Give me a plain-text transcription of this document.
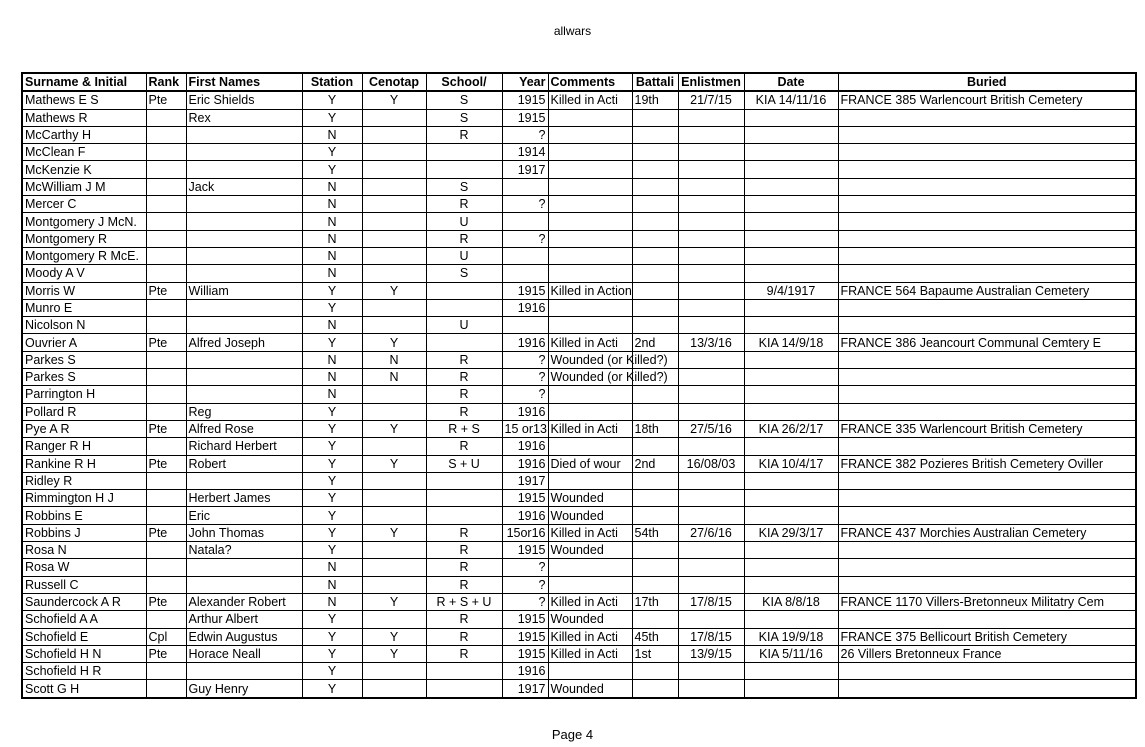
allwars
Surname & Initial	Rank	First Names	Station	Cenotap	School/	Year	Comments	Battali	Enlistmen	Date	Buried
Mathews E S	Pte	Eric Shields	Y	Y	S	1915	Killed in Acti	19th	21/7/15	KIA 14/11/16	FRANCE 385 Warlencourt British Cemetery
Mathews R		Rex	Y		S	1915					
McCarthy H			N		R	?					
McClean F			Y			1914					
McKenzie K			Y			1917					
McWilliam J M		Jack	N		S						
Mercer C			N		R	?					
Montgomery J McN.			N		U						
Montgomery R			N		R	?					
Montgomery R McE.			N		U						
Moody A V			N		S						
Morris W	Pte	William	Y	Y		1915	Killed in Action			9/4/1917	FRANCE 564 Bapaume Australian Cemetery
Munro E			Y			1916					
Nicolson N			N		U						
Ouvrier A	Pte	Alfred Joseph	Y	Y		1916	Killed in Acti	2nd	13/3/16	KIA 14/9/18	FRANCE 386 Jeancourt Communal Cemtery E
Parkes S			N	N	R	?	Wounded (or Killed?)				
Parkes S			N	N	R	?	Wounded (or Killed?)				
Parrington H			N		R	?					
Pollard R		Reg	Y		R	1916					
Pye A R	Pte	Alfred Rose	Y	Y	R + S	15 or13	Killed in Acti	18th	27/5/16	KIA 26/2/17	FRANCE 335 Warlencourt British Cemetery
Ranger R H		Richard Herbert	Y		R	1916					
Rankine R H	Pte	Robert	Y	Y	S + U	1916	Died of wour	2nd	16/08/03	KIA 10/4/17	FRANCE 382 Pozieres British Cemetery Oviller
Ridley R			Y			1917					
Rimmington H J		Herbert James	Y			1915	Wounded				
Robbins E		Eric	Y			1916	Wounded				
Robbins J	Pte	John Thomas	Y	Y	R	15or16	Killed in Acti	54th	27/6/16	KIA 29/3/17	FRANCE 437 Morchies Australian Cemetery
Rosa N		Natala?	Y		R	1915	Wounded				
Rosa W			N		R	?					
Russell C			N		R	?					
Saundercock A R	Pte	Alexander Robert	N	Y	R + S + U	?	Killed in Acti	17th	17/8/15	KIA 8/8/18	FRANCE 1170 Villers-Bretonneux Militatry Cem
Schofield A A		Arthur Albert	Y		R	1915	Wounded				
Schofield E	Cpl	Edwin Augustus	Y	Y	R	1915	Killed in Acti	45th	17/8/15	KIA 19/9/18	FRANCE 375 Bellicourt British Cemetery
Schofield H N	Pte	Horace Neall	Y	Y	R	1915	Killed in Acti	1st	13/9/15	KIA 5/11/16	26 Villers Bretonneux France
Schofield H R			Y			1916					
Scott G H		Guy Henry	Y			1917	Wounded				
Page 4
